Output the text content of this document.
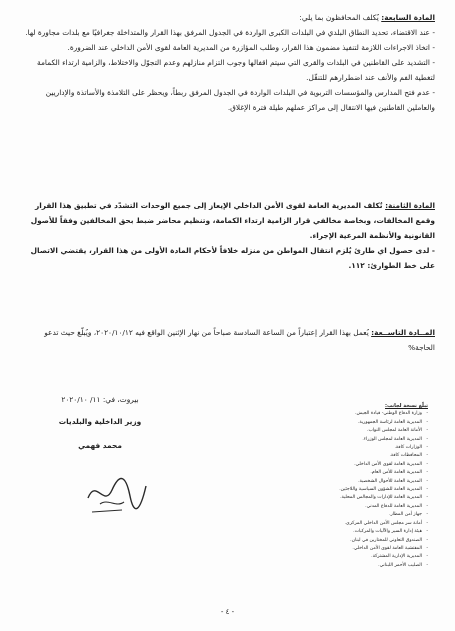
المادة السابعة: يُكلف المحافظون بما يلي:

- عند الاقتضاء، تحديد النطاق البلدي في البلدات الكبرى الواردة في الجدول المرفق بهذا القرار والمتداخلة جغرافيًا مع بلدات مجاورة لها.

- اتخاذ الاجراءات اللازمة لتنفيذ مضمون هذا القرار، وطلب المؤازرة من المديرية العامة لقوى الأمن الداخلي عند الضرورة.

- التشديد على القاطنين في البلدات والقرى التي سيتم اقفالها وجوب التزام منازلهم وعدم التجوّل والاختلاط، والزامية ارتداء الكمامة لتغطية الفم والأنف عند اضطرارهم للتنقّل.

- عدم فتح المدارس والمؤسسات التربوية في البلدات الواردة في الجدول المرفق ربطاً، ويحظر على التلامذة والأساتذة والإداريين والعاملين القاطنين فيها الانتقال إلى مراكز عملهم طيلة فترة الإغلاق.

المادة الثامنة: تُكلف المديرية العامة لقوى الأمن الداخلي الإيعاز إلى جميع الوحدات التشدّد في تطبيق هذا القرار وقمع المخالفات، وبخاصة مخالفي قرار الزامية ارتداء الكمامة، وتنظيم محاضر ضبط بحق المخالفين وفقاً للأصول القانونية والأنظمة المرعية الإجراء.

- لدى حصول اي طارئ يُلزم انتقال المواطن من منزله خلافاً لأحكام المادة الأولى من هذا القرار، يقتضي الاتصال على خط الطوارئ: ١١٢.

المــادة التاســعة: يُعمل بهذا القرار إعتباراً من الساعة السادسة صباحاً من نهار الإثنين الواقع فيه ٢٠٢٠/١٠/١٢، ويُبلّغ حيث تدعو الحاجة%

بيروت، في: ١١/ ٢٠٢٠/١٠
وزير الداخلية والبلديات
محمد فهمي
تبلّغ نسخة لجانب:
- وزارة الدفاع الوطني- قيادة الجيش.
- المديرية العامة لرئاسة الجمهورية.
- الأمانة العامة لمجلس النواب.
- المديرية العامة لمجلس الوزراء.
- الوزارات كافة.
- المحافظات كافة.
- المديرية العامة لقوى الأمن الداخلي.
- المديرية العامة للأمن العام.
- المديرية العامة للأحوال الشخصية.
- المديرية العامة للشؤون السياسية واللاجئين.
- المديرية العامة للإدارات والمجالس المحلية.
- المديرية العامة للدفاع المدني.
- جهاز أمن المطار.
- أمانة سر مجلس الأمن الداخلي المركزي.
- هيئة إدارة السير والآليات والمركبات.
- الصندوق التعاوني للمختارين في لبنان.
- المفتشية العامة لقوى الأمن الداخلي.
- المديرية الإدارية المشتركة.
- الصليب الأحمر اللبناني.
- ٤ -
